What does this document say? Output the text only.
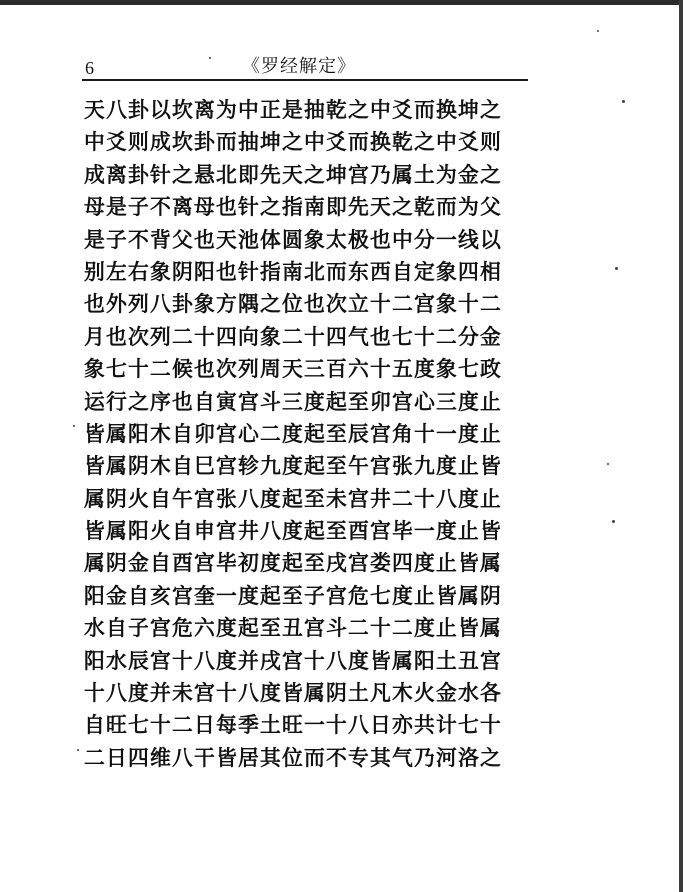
6	《罗经解定》
天八卦以坎离为中正是抽乾之中爻而换坤之
中爻则成坎卦而抽坤之中爻而换乾之中爻则
成离卦针之悬北即先天之坤宫乃属土为金之
母是子不离母也针之指南即先天之乾而为父
是子不背父也天池体圆象太极也中分一线以
别左右象阴阳也针指南北而东西自定象四相
也外列八卦象方隅之位也次立十二宫象十二
月也次列二十四向象二十四气也七十二分金
象七十二候也次列周天三百六十五度象七政
运行之序也自寅宫斗三度起至卯宫心三度止
皆属阳木自卯宫心二度起至辰宫角十一度止
皆属阴木自巳宫轸九度起至午宫张九度止皆
属阴火自午宫张八度起至未宫井二十八度止
皆属阳火自申宫井八度起至酉宫毕一度止皆
属阴金自酉宫毕初度起至戌宫娄四度止皆属
阳金自亥宫奎一度起至子宫危七度止皆属阴
水自子宫危六度起至丑宫斗二十二度止皆属
阳水辰宫十八度并戌宫十八度皆属阳土丑宫
十八度并未宫十八度皆属阴土凡木火金水各
自旺七十二日每季土旺一十八日亦共计七十
二日四维八干皆居其位而不专其气乃河洛之
